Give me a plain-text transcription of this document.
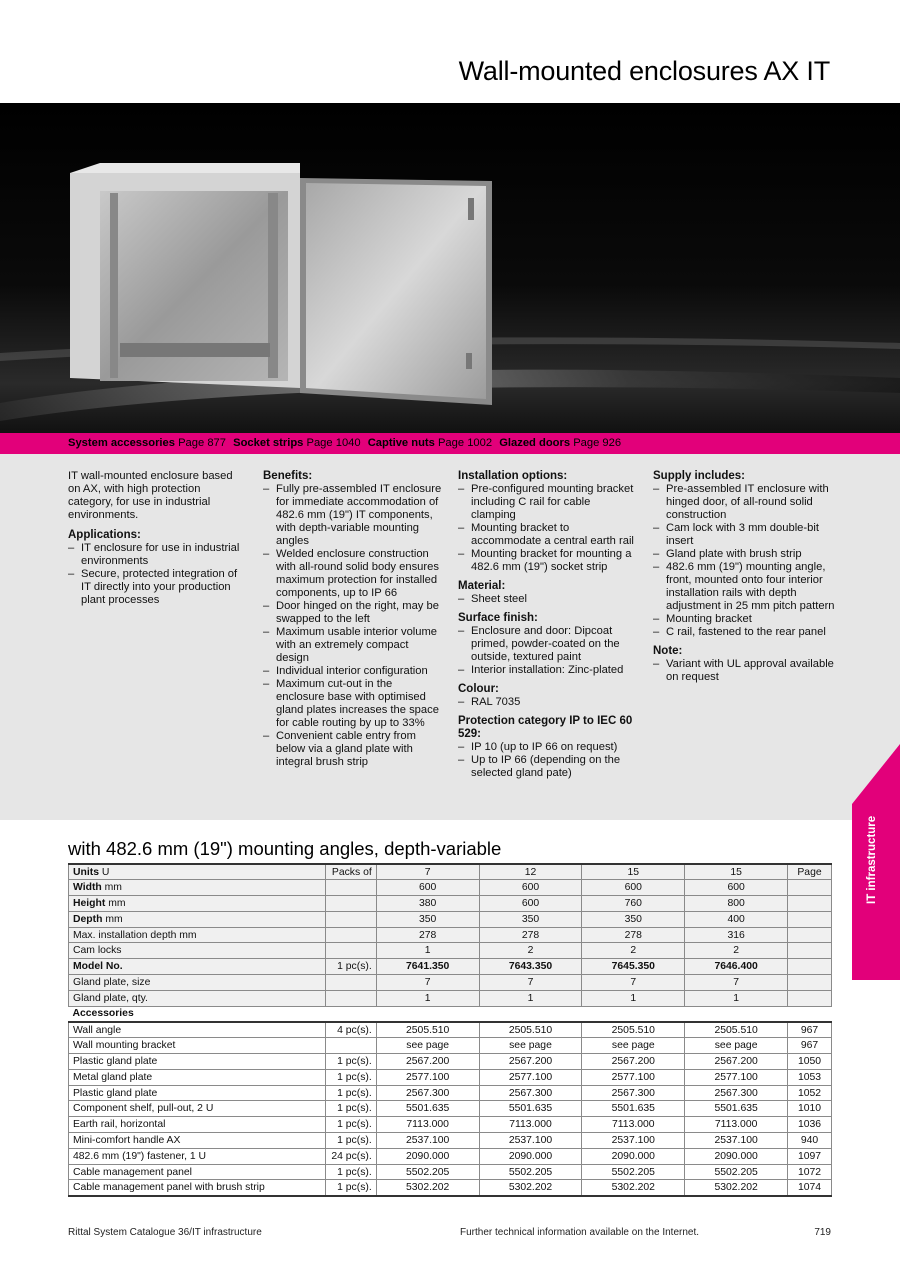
Wall-mounted enclosures AX IT
System accessories Page 877 Socket strips Page 1040 Captive nuts Page 1002 Glazed doors Page 926

IT wall-mounted enclosure based on AX, with high protection category, for use in industrial environments.

Applications:
– IT enclosure for use in industrial environments
– Secure, protected integration of IT directly into your production plant processes
Benefits:
– Fully pre-assembled IT enclosure for immediate accommodation of 482.6 mm (19") IT components, with depth-variable mounting angles
– Welded enclosure construction with all-round solid body ensures maximum protection for installed components, up to IP 66
– Door hinged on the right, may be swapped to the left
– Maximum usable interior volume with an extremely compact design
– Individual interior configuration
– Maximum cut-out in the enclosure base with optimised gland plates increases the space for cable routing by up to 33%
– Convenient cable entry from below via a gland plate with integral brush strip
Installation options:
– Pre-configured mounting bracket including C rail for cable clamping
– Mounting bracket to accommodate a central earth rail
– Mounting bracket for mounting a 482.6 mm (19") socket strip
Material:
– Sheet steel
Surface finish:
– Enclosure and door: Dipcoat primed, powder-coated on the outside, textured paint
– Interior installation: Zinc-plated
Colour:
– RAL 7035
Protection category IP to IEC 60 529:
– IP 10 (up to IP 66 on request)
– Up to IP 66 (depending on the selected gland pate)
Supply includes:
– Pre-assembled IT enclosure with hinged door, of all-round solid construction
– Cam lock with 3 mm double-bit insert
– Gland plate with brush strip
– 482.6 mm (19") mounting angle, front, mounted onto four interior installation rails with depth adjustment in 25 mm pitch pattern
– Mounting bracket
– C rail, fastened to the rear panel
Note:
– Variant with UL approval available on request
IT infrastructure
with 482.6 mm (19") mounting angles, depth-variable
Units U	Packs of	7	12	15	15	Page
Width mm		600	600	600	600	
Height mm		380	600	760	800	
Depth mm		350	350	350	400	
Max. installation depth mm		278	278	278	316	
Cam locks		1	2	2	2	
Model No.	1 pc(s).	7641.350	7643.350	7645.350	7646.400	
Gland plate, size		7	7	7	7	
Gland plate, qty.		1	1	1	1	
Accessories						
Wall angle	4 pc(s).	2505.510	2505.510	2505.510	2505.510	967
Wall mounting bracket		see page	see page	see page	see page	967
Plastic gland plate	1 pc(s).	2567.200	2567.200	2567.200	2567.200	1050
Metal gland plate	1 pc(s).	2577.100	2577.100	2577.100	2577.100	1053
Plastic gland plate	1 pc(s).	2567.300	2567.300	2567.300	2567.300	1052
Component shelf, pull-out, 2 U	1 pc(s).	5501.635	5501.635	5501.635	5501.635	1010
Earth rail, horizontal	1 pc(s).	7113.000	7113.000	7113.000	7113.000	1036
Mini-comfort handle AX	1 pc(s).	2537.100	2537.100	2537.100	2537.100	940
482.6 mm (19") fastener, 1 U	24 pc(s).	2090.000	2090.000	2090.000	2090.000	1097
Cable management panel	1 pc(s).	5502.205	5502.205	5502.205	5502.205	1072
Cable management panel with brush strip	1 pc(s).	5302.202	5302.202	5302.202	5302.202	1074
Rittal System Catalogue 36/IT infrastructure	Further technical information available on the Internet.	719
